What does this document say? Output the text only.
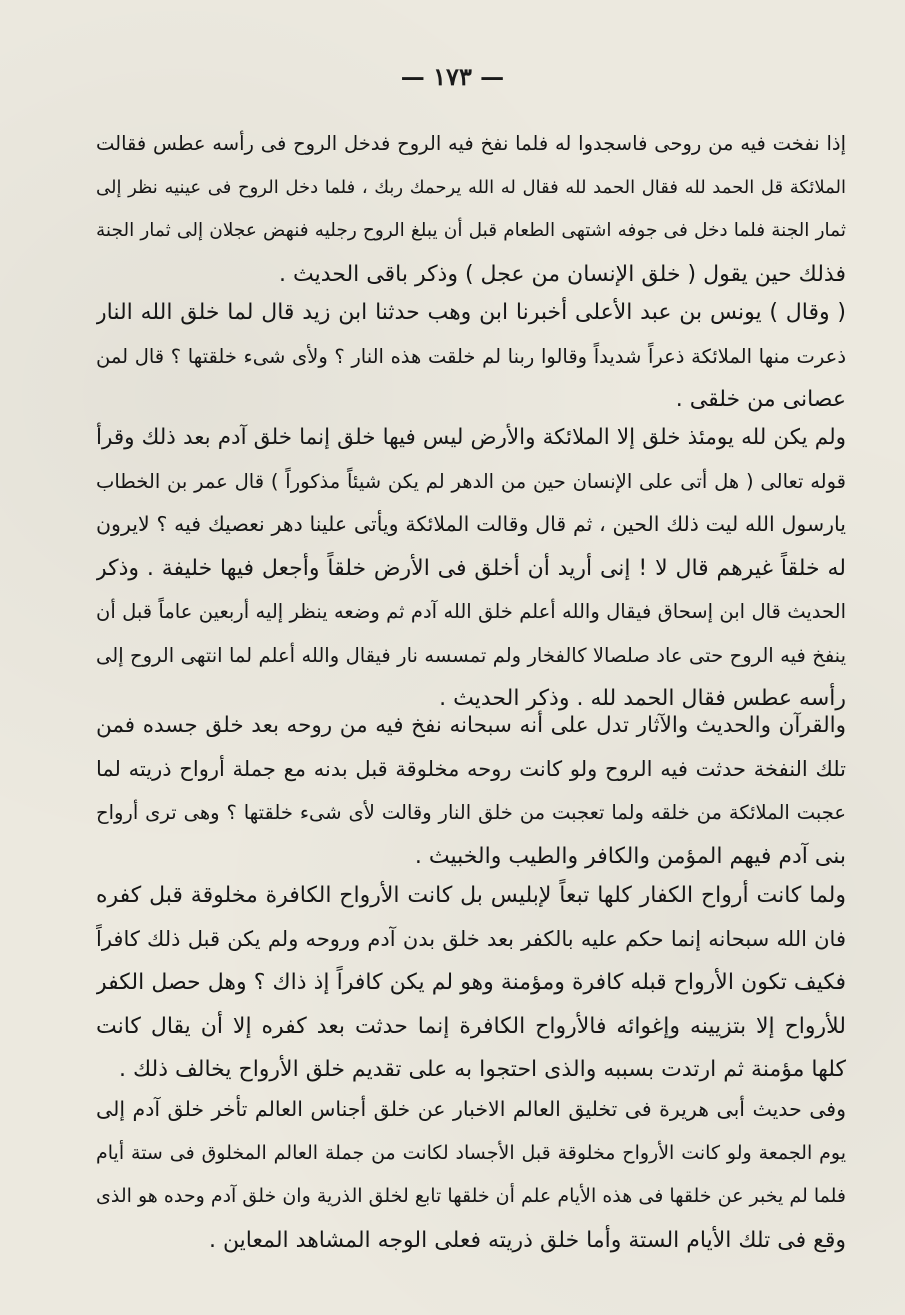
— ١٧٣ —
إذا نفخت فيه من روحى فاسجدوا له فلما نفخ فيه الروح فدخل الروح فى رأسه عطس فقالت
الملائكة قل الحمد لله فقال الحمد لله فقال له الله يرحمك ربك ، فلما دخل الروح فى عينيه نظر إلى
ثمار الجنة فلما دخل فى جوفه اشتهى الطعام قبل أن يبلغ الروح رجليه فنهض عجلان إلى ثمار الجنة
فذلك حين يقول ( خلق الإنسان من عجل ) وذكر باقى الحديث .
( وقال ) يونس بن عبد الأعلى أخبرنا ابن وهب حدثنا ابن زيد قال لما خلق الله النار
ذعرت منها الملائكة ذعراً شديداً وقالوا ربنا لم خلقت هذه النار ؟ ولأى شىء خلقتها ؟ قال لمن
عصانى من خلقى .
ولم يكن لله يومئذ خلق إلا الملائكة والأرض ليس فيها خلق إنما خلق آدم بعد ذلك وقرأ
قوله تعالى ( هل أتى على الإنسان حين من الدهر لم يكن شيئاً مذكوراً ) قال عمر بن الخطاب
يارسول الله ليت ذلك الحين ، ثم قال وقالت الملائكة ويأتى علينا دهر نعصيك فيه ؟ لايرون
له خلقاً غيرهم قال لا ! إنى أريد أن أخلق فى الأرض خلقاً وأجعل فيها خليفة . وذكر
الحديث قال ابن إسحاق فيقال والله أعلم خلق الله آدم ثم وضعه ينظر إليه أربعين عاماً قبل أن
ينفخ فيه الروح حتى عاد صلصالا كالفخار ولم تمسسه نار فيقال والله أعلم لما انتهى الروح إلى
رأسه عطس فقال الحمد لله . وذكر الحديث .
والقرآن والحديث والآثار تدل على أنه سبحانه نفخ فيه من روحه بعد خلق جسده فمن
تلك النفخة حدثت فيه الروح ولو كانت روحه مخلوقة قبل بدنه مع جملة أرواح ذريته لما
عجبت الملائكة من خلقه ولما تعجبت من خلق النار وقالت لأى شىء خلقتها ؟ وهى ترى أرواح
بنى آدم فيهم المؤمن والكافر والطيب والخبيث .
ولما كانت أرواح الكفار كلها تبعاً لإبليس بل كانت الأرواح الكافرة مخلوقة قبل كفره
فان الله سبحانه إنما حكم عليه بالكفر بعد خلق بدن آدم وروحه ولم يكن قبل ذلك كافراً
فكيف تكون الأرواح قبله كافرة ومؤمنة وهو لم يكن كافراً إذ ذاك ؟ وهل حصل الكفر
للأرواح إلا بتزيينه وإغوائه فالأرواح الكافرة إنما حدثت بعد كفره إلا أن يقال كانت
كلها مؤمنة ثم ارتدت بسببه والذى احتجوا به على تقديم خلق الأرواح يخالف ذلك .
وفى حديث أبى هريرة فى تخليق العالم الاخبار عن خلق أجناس العالم تأخر خلق آدم إلى
يوم الجمعة ولو كانت الأرواح مخلوقة قبل الأجساد لكانت من جملة العالم المخلوق فى ستة أيام
فلما لم يخبر عن خلقها فى هذه الأيام علم أن خلقها تابع لخلق الذرية وان خلق آدم وحده هو الذى
وقع فى تلك الأيام الستة وأما خلق ذريته فعلى الوجه المشاهد المعاين .
